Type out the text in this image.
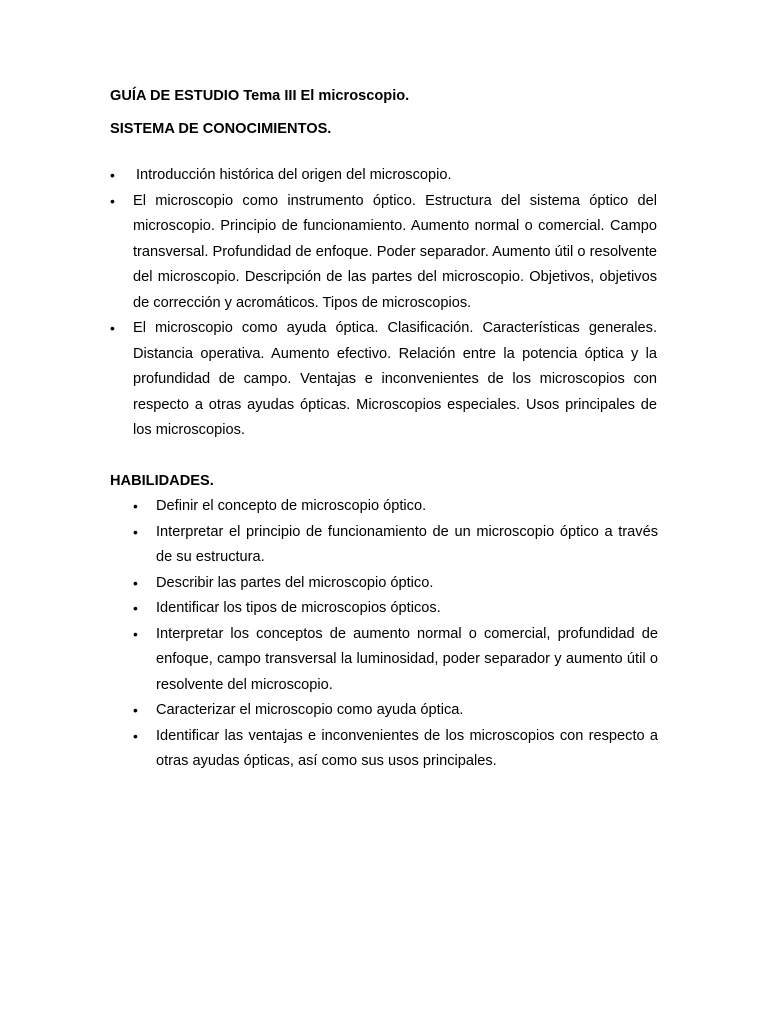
GUÍA DE ESTUDIO Tema III El microscopio.
SISTEMA DE CONOCIMIENTOS.
• Introducción histórica del origen del microscopio.
• El microscopio como instrumento óptico. Estructura del sistema óptico del microscopio. Principio de funcionamiento. Aumento normal o comercial. Campo transversal. Profundidad de enfoque. Poder separador. Aumento útil o resolvente del microscopio. Descripción de las partes del microscopio. Objetivos, objetivos de corrección y acromáticos. Tipos de microscopios.
• El microscopio como ayuda óptica. Clasificación. Características generales. Distancia operativa. Aumento efectivo. Relación entre la potencia óptica y la profundidad de campo. Ventajas e inconvenientes de los microscopios con respecto a otras ayudas ópticas. Microscopios especiales. Usos principales de los microscopios.
HABILIDADES.
• Definir el concepto de microscopio óptico.
• Interpretar el principio de funcionamiento de un microscopio óptico a través de su estructura.
• Describir las partes del microscopio óptico.
• Identificar los tipos de microscopios ópticos.
• Interpretar los conceptos de aumento normal o comercial, profundidad de enfoque, campo transversal la luminosidad, poder separador y aumento útil o resolvente del microscopio.
• Caracterizar el microscopio como ayuda óptica.
• Identificar las ventajas e inconvenientes de los microscopios con respecto a otras ayudas ópticas, así como sus usos principales.
